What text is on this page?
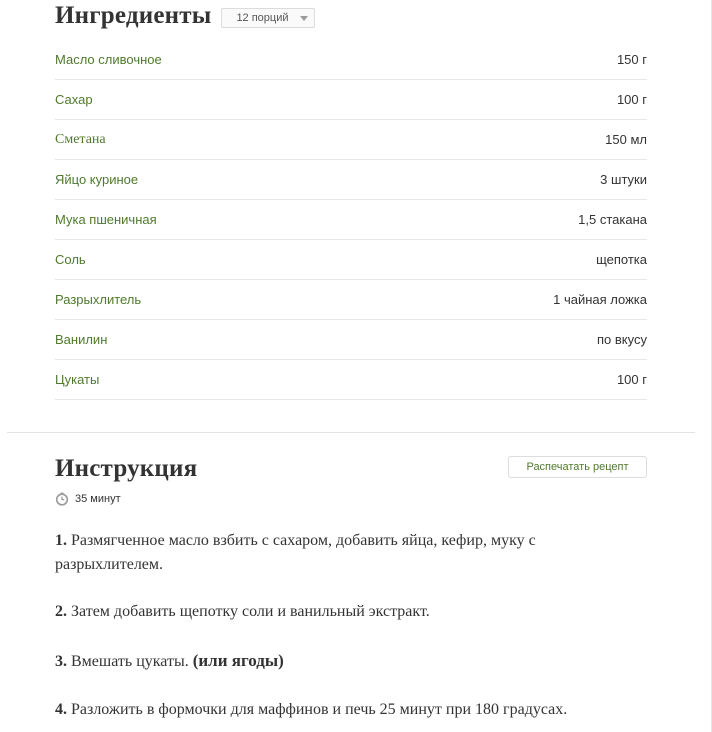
Ингредиенты 12 порций
Масло сливочное	150 г
Сахар	100 г
Сметана	150 мл
Яйцо куриное	3 штуки
Мука пшеничная	1,5 стакана
Соль	щепотка
Разрыхлитель	1 чайная ложка
Ванилин	по вкусу
Цукаты	100 г
Инструкция	Распечатать рецепт
35 минут
1. Размягченное масло взбить с сахаром, добавить яйца, кефир, муку с разрыхлителем.
2. Затем добавить щепотку соли и ванильный экстракт.
3. Вмешать цукаты. (или ягоды)
4. Разложить в формочки для маффинов и печь 25 минут при 180 градусах.
